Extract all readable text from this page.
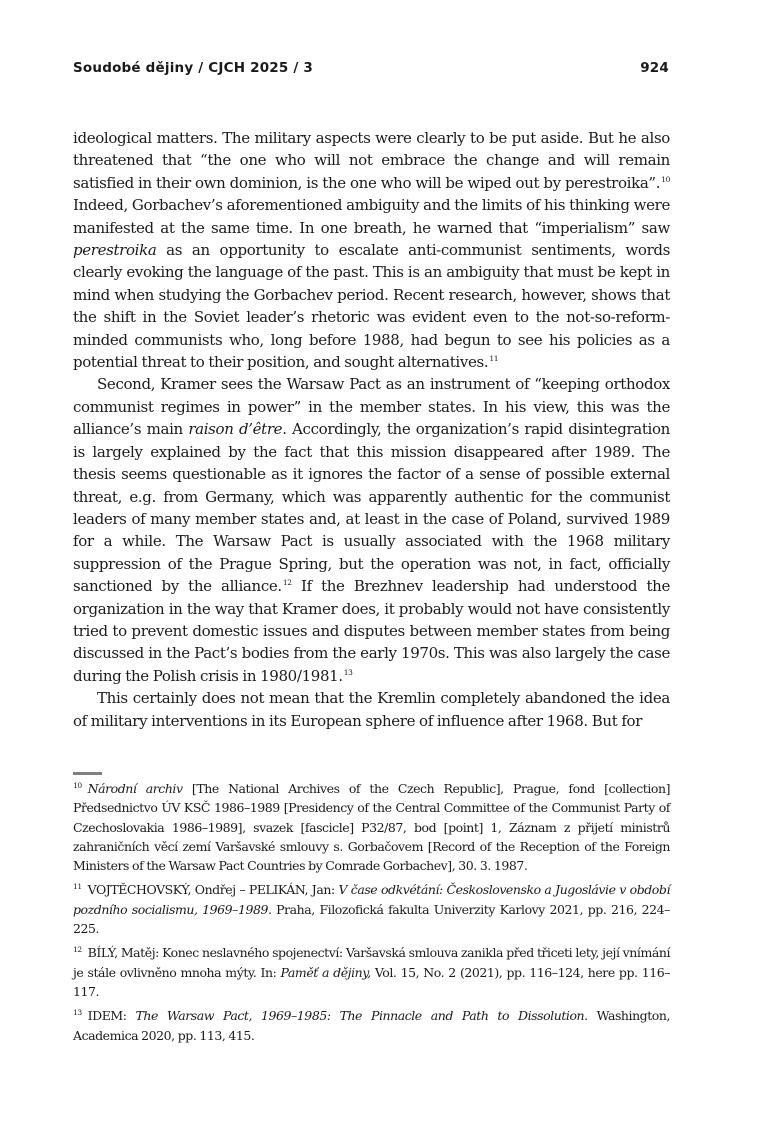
Soudobé dějiny / CJCH 2025 / 3	924

ideological matters. The military aspects were clearly to be put aside. But he also threatened that “the one who will not embrace the change and will remain satisfied in their own dominion, is the one who will be wiped out by perestroika”.$^{10}$ Indeed, Gorbachev’s aforementioned ambiguity and the limits of his thinking were manifested at the same time. In one breath, he warned that “imperialism” saw perestroika as an opportunity to escalate anti-communist sentiments, words clearly evoking the language of the past. This is an ambiguity that must be kept in mind when studying the Gorbachev period. Recent research, however, shows that the shift in the Soviet leader’s rhetoric was evident even to the not-so-reform-minded communists who, long before 1988, had begun to see his policies as a potential threat to their position, and sought alternatives.$^{11}$

Second, Kramer sees the Warsaw Pact as an instrument of “keeping orthodox communist regimes in power” in the member states. In his view, this was the alliance’s main raison d’être. Accordingly, the organization’s rapid disintegration is largely explained by the fact that this mission disappeared after 1989. The thesis seems questionable as it ignores the factor of a sense of possible external threat, e.g. from Germany, which was apparently authentic for the communist leaders of many member states and, at least in the case of Poland, survived 1989 for a while. The Warsaw Pact is usually associated with the 1968 military suppression of the Prague Spring, but the operation was not, in fact, officially sanctioned by the alliance.$^{12}$ If the Brezhnev leadership had understood the organization in the way that Kramer does, it probably would not have consistently tried to prevent domestic issues and disputes between member states from being discussed in the Pact’s bodies from the early 1970s. This was also largely the case during the Polish crisis in 1980/1981.13

This certainly does not mean that the Kremlin completely abandoned the idea of military interventions in its European sphere of influence after 1968. But for

$^{10}$ Národní archiv [The National Archives of the Czech Republic], Prague, fond [collection] Předsednictvo ÚV KSČ 1986–1989 [Presidency of the Central Committee of the Communist Party of Czechoslovakia 1986–1989], svazek [fascicle] P32/87, bod [point] 1, Záznam z přijetí ministrů zahraničních věcí zemí Varšavské smlouvy s. Gorbačovem [Record of the Reception of the Foreign Ministers of the Warsaw Pact Countries by Comrade Gorbachev], 30. 3. 1987.

$^{11}$ VOJTĚCHOVSKÝ, Ondřej – PELIKÁN, Jan: V čase odkvétání: Československo a Jugoslávie v období pozdního socialismu, 1969–1989. Praha, Filozofická fakulta Univerzity Karlovy 2021, pp. 216, 224–225.

$^{12}$ BÍLÝ, Matěj: Konec neslavného spojenectví: Varšavská smlouva zanikla před třiceti lety, její vnímání je stále ovlivněno mnoha mýty. In: Paměť a dějiny, Vol. 15, No. 2 (2021), pp. 116–124, here pp. 116–117.

$^{13}$ IDEM: The Warsaw Pact, 1969–1985: The Pinnacle and Path to Dissolution. Washington, Academica 2020, pp. 113, 415.
